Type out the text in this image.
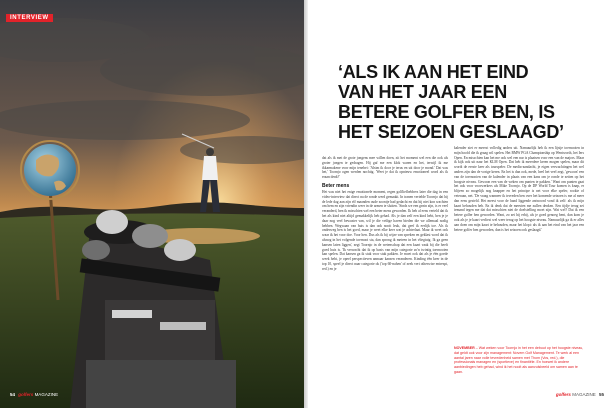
INTERVIEW
54 golfers MAGAZINE
‘ALS IK AAN HET EIND VAN HET JAAR EEN BETERE GOLFER BEN, IS HET SEIZOEN GESLAAGD’

dat als ik met de grote jongens mee willen doen, zit het moment wel een die ook als groter jongen te gedragen. Hij gaf me een klok waren en het, terwijl ik me ikkarmakene voor mijn tenebei: 'Alsim ik door je terus en uit door je mond.' Dat was het,' Toornjo ogen werden nochtig. 'Weet je dat ik opnieuw emotioneel word als ik eraan denk?'

Beter mens

Het was niet het enige emotionele moment, regen golfliefhebbers later die dag in een video-interview dat direct na de ronde werd gemaakt. In tranen vertelde Toornjo dat hij de lede dag aan zijn elf maanden oude zoontje had gedacht en dat hij niet kon wachten om hem en zijn vriendin weer in de armen te sluiten. 'Sinds we een gezin zijn, is er veel veranderd, ben ik misschien wel een beter mens geworden. Ik heb al eens verteld dat ik het als kind niet altijd gemakkelijk heb gehad. Als je dan zelf een kind hebt, ben je je daar nog veel bewuster van, wil je die veilige haven bieden die we allemaal nodig hebben. Wegwaan van huis is dan ook nooit leuk, dat geef ik eerlijk toe. Als ik onderweg ben is het goed, maar je weet elke keer wat je achterlaat. Maar ik weet ook waar ik het voor doe. Voor hen. Dus als ik bij wijze van spreken en geklast word dat ik alsnog in het volgende toernooi sta, dan sprong ik meteen in het vliegtuig. Ik ga geen kansen laten liggen', zegt Toornjo in de wetenschap dat een kaart vaak bij die heeft goed huis is. 'Ik verwacht dat ik op basis van mijn categorie zo'n twintig toernooien kan spelen. Dat kansen ga ik stuk voor stuk pakken. Je moet ook dat als je één goede week hebt, je opeel perspectieven anmaar kansen veranderen. Kinding één keer in de top 10, speel je direct naar categorie ok ('top 60-nahen' of zeek vert otherwise entrespt, red.) en je

kalender ziet er meerst volledig anders uit. Namuurlijk heb ik een lijstje toernooien in mijn hoofd die ik graag wil spelen. Het BMW PGA Championship op Wentworth, het Iers Open. En misschien kan het me ook wel een nar is plaatsen voor een van de majors. Maar ik kijk ook uit naar het KLM Open. Dat heb ik meerdere keren mogen spelen, maar dit wordt de eerste keer als tourspeler. De media-aandacht, je eigen verwachtingen het wel anders zijn dan de vorige keren. En het is dan ook, mede, heel het veel zegt, 'gewoon' een van de toernooien van de kalender in plaats van een kans om je ronde te zetten op het hoogste niveau. Gewoon een van de weken om punten te pakken.' Want om punten gaat het ook voor voorwerkers als Mike Toornjo. Op de DP World Tour komen is knap, er blijven zo mogelijk nog knapper en het principe is net voor elke speler, rookie of veteraan, net. 'De vraag wanneer ik tevreden ben over het komende seizoen is me al meer dan eens gesteld. Het meest voor de hand liggende antwoord vond ik zelf: als ik mijn kaart behouden heb. En ik denk dat de meesten me zullen denken. Een tijdje terug zei iemand tegen me dat dat misschien niet de doelstelling moet zijn. Wat wel? Dat ik een betere golfer ben geworden. Want, zo zei hij erbij, als je goed genoeg bent, dan kom je ook als je je kaart verliest wel weer terug op het hoogste niveau. Namuurlijk ga ik er alles aan doen om mijn kaart te behouden, maar het klopt: als ik aan het eind van het jaar een betere golfer ben geworden, dan is het seizoen ook geslaagd.'

NOVEMBER – Wat weken voor Toornjo in het een debuut op het hoogste niveau, dat geldt ook voor zijn management: Novem Golf Management. Te werk al een aantal jaren naar volle tevredenheid samen met Thom (Vos, red.), die professionals managen en (sportieve) en finantiële. En hoewel ik andere aanbiedingen heb gehad, wind ik het nooit als aanvulsbeeld om samen aan te gaan.
golfers MAGAZINE 55
